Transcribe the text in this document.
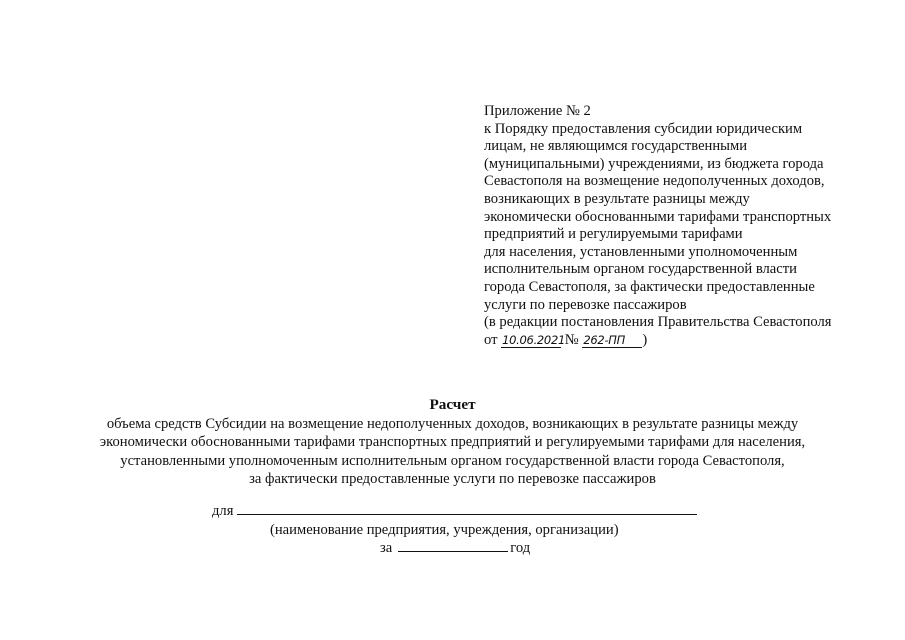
Приложение № 2
к Порядку предоставления субсидии юридическим
лицам, не являющимся государственными
(муниципальными) учреждениями, из бюджета города
Севастополя на возмещение недополученных доходов,
возникающих в результате разницы между
экономически обоснованными тарифами транспортных
предприятий и регулируемыми тарифами
для населения, установленными уполномоченным
исполнительным органом государственной власти
города Севастополя, за фактически предоставленные
услуги по перевозке пассажиров
(в редакции постановления Правительства Севастополя
от 10.06.2021 № 262-ПП )
Расчет
объема средств Субсидии на возмещение недополученных доходов, возникающих в результате разницы между
экономически обоснованными тарифами транспортных предприятий и регулируемыми тарифами для населения,
установленными уполномоченным исполнительным органом государственной власти города Севастополя,
за фактически предоставленные услуги по перевозке пассажиров
для
(наименование предприятия, учреждения, организации)
за	год
